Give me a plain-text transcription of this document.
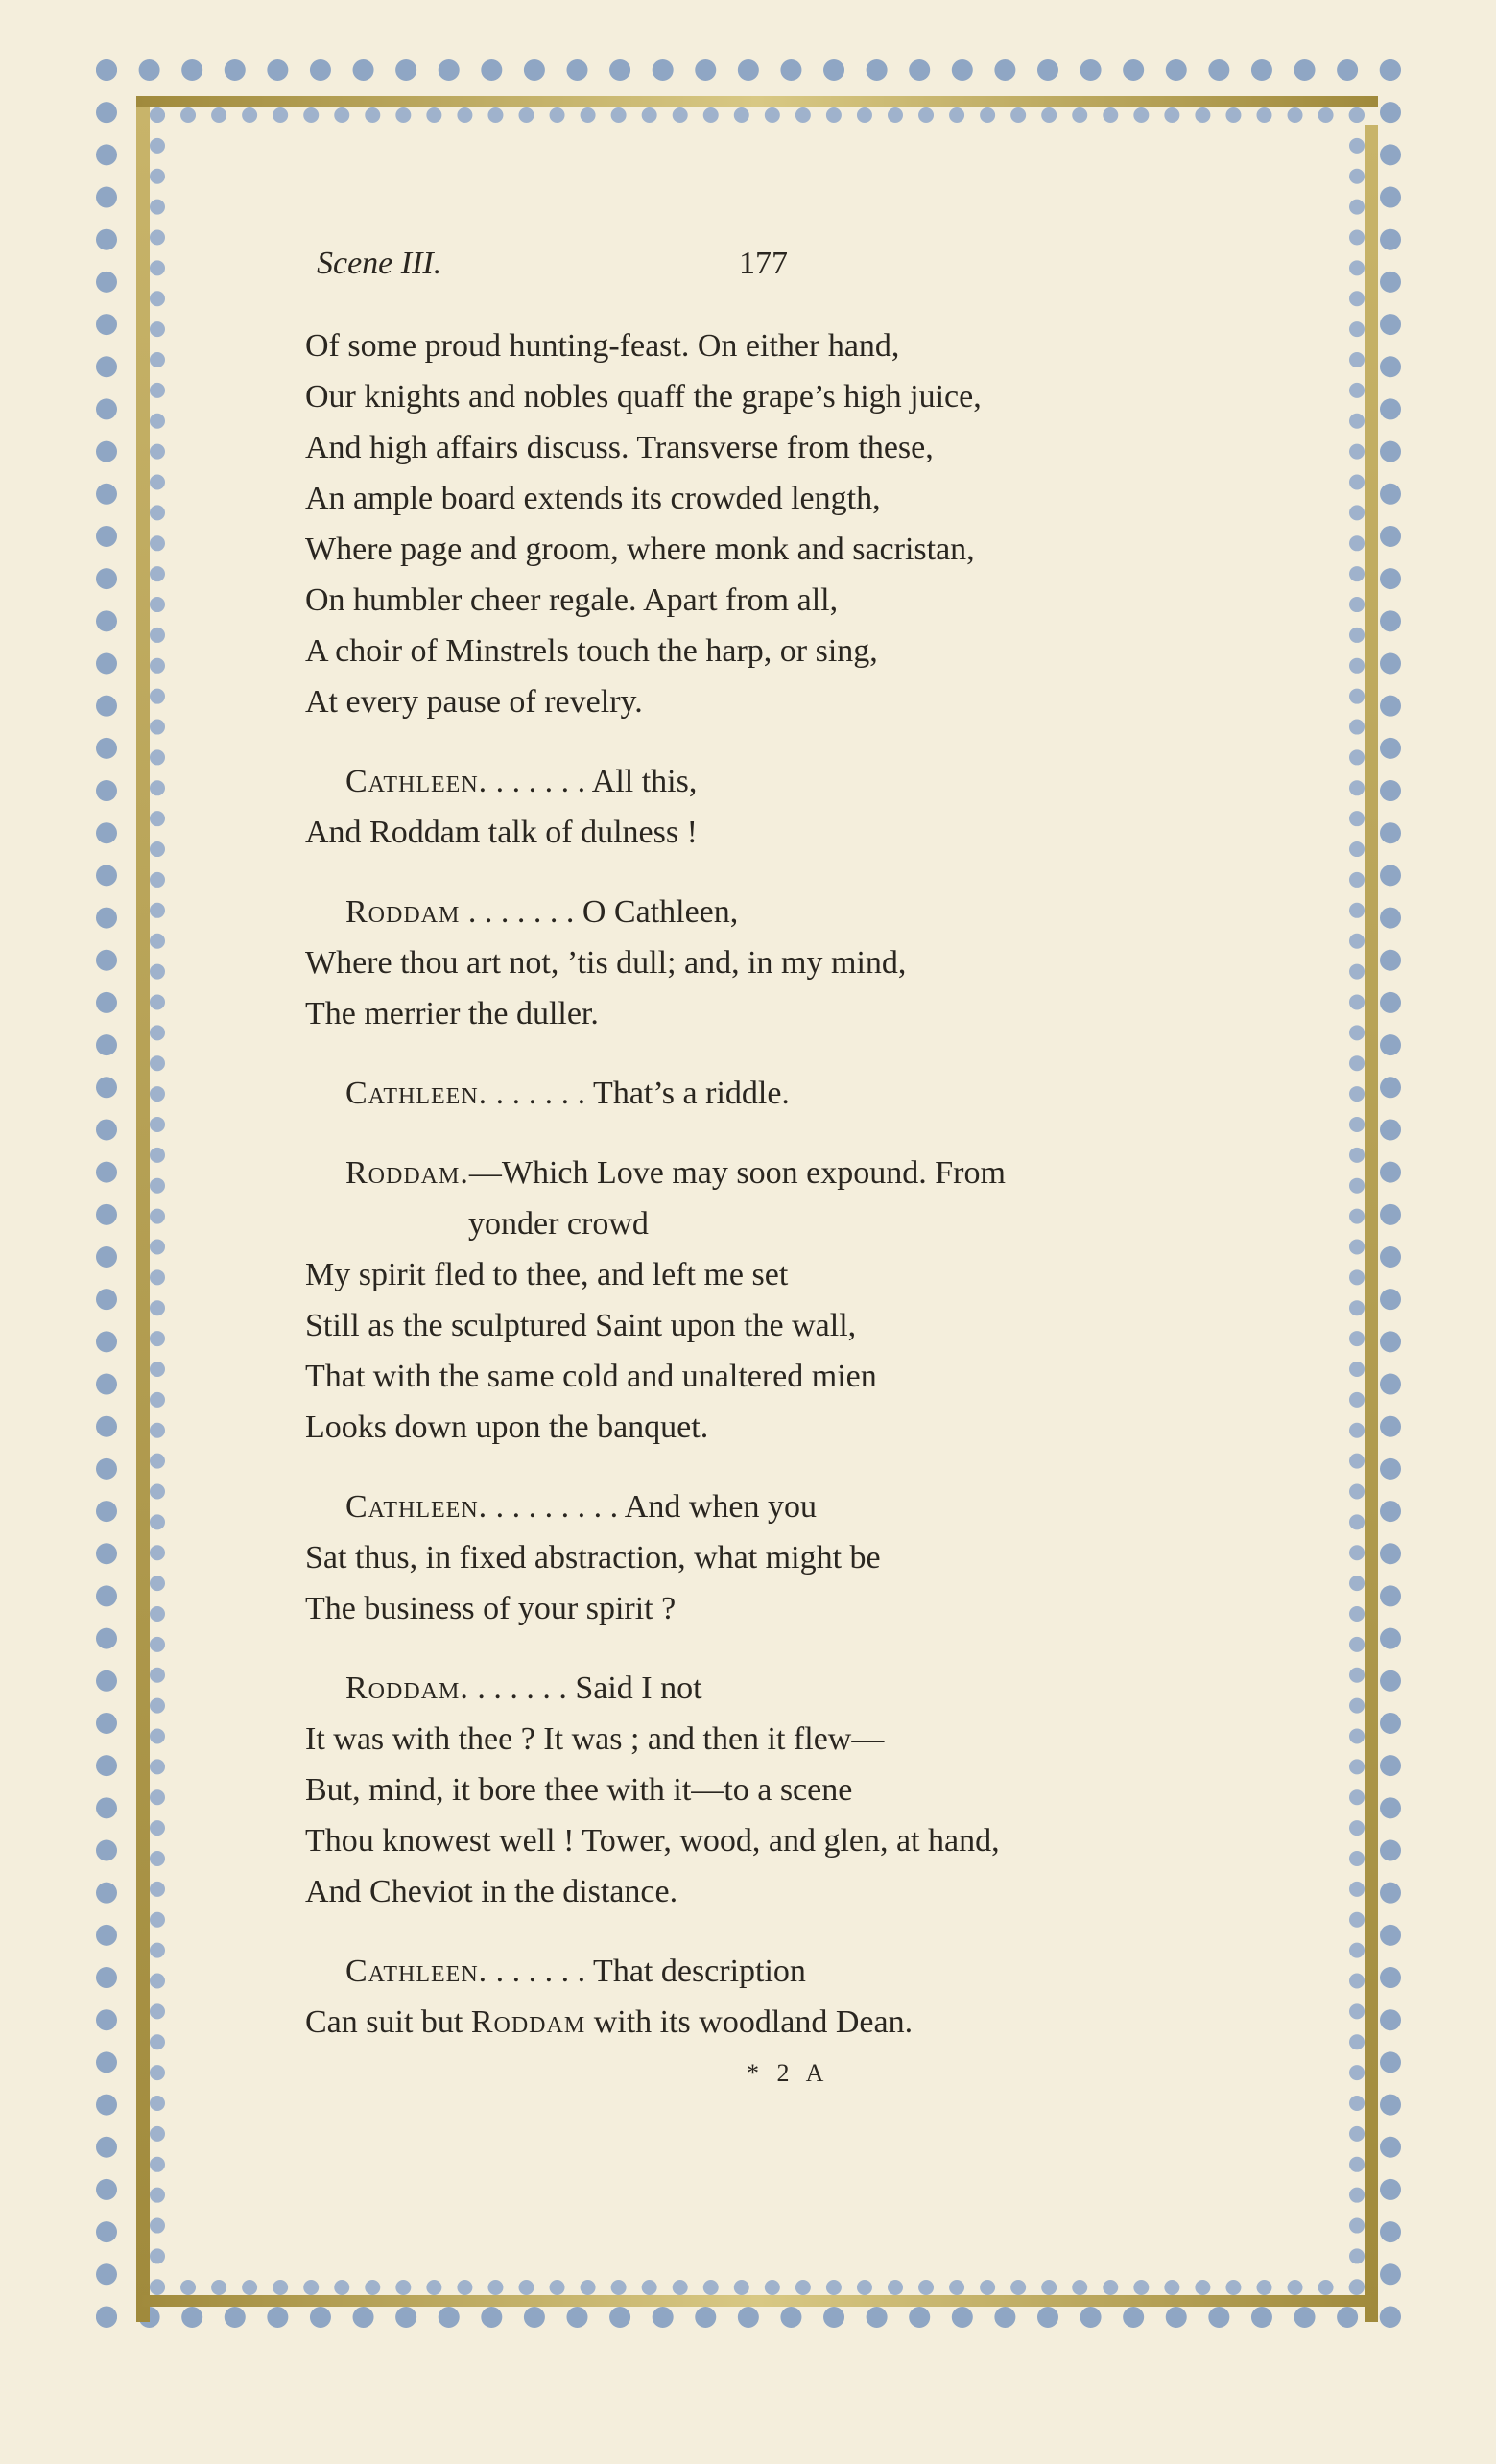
Scene III.	177
Of some proud hunting-feast. On either hand,
Our knights and nobles quaff the grape’s high juice,
And high affairs discuss. Transverse from these,
An ample board extends its crowded length,
Where page and groom, where monk and sacristan,
On humbler cheer regale. Apart from all,
A choir of Minstrels touch the harp, or sing,
At every pause of revelry.
Cathleen. . . . . . . All this,
And Roddam talk of dulness !
Roddam . . . . . . . O Cathleen,
Where thou art not, ’tis dull; and, in my mind,
The merrier the duller.
Cathleen. . . . . . . That’s a riddle.
Roddam.—Which Love may soon expound. From
yonder crowd
My spirit fled to thee, and left me set
Still as the sculptured Saint upon the wall,
That with the same cold and unaltered mien
Looks down upon the banquet.
Cathleen. . . . . . . . . And when you
Sat thus, in fixed abstraction, what might be
The business of your spirit ?
Roddam. . . . . . . Said I not
It was with thee ? It was ; and then it flew—
But, mind, it bore thee with it—to a scene
Thou knowest well ! Tower, wood, and glen, at hand,
And Cheviot in the distance.
Cathleen. . . . . . . That description
Can suit but Roddam with its woodland Dean.
* 2 A
